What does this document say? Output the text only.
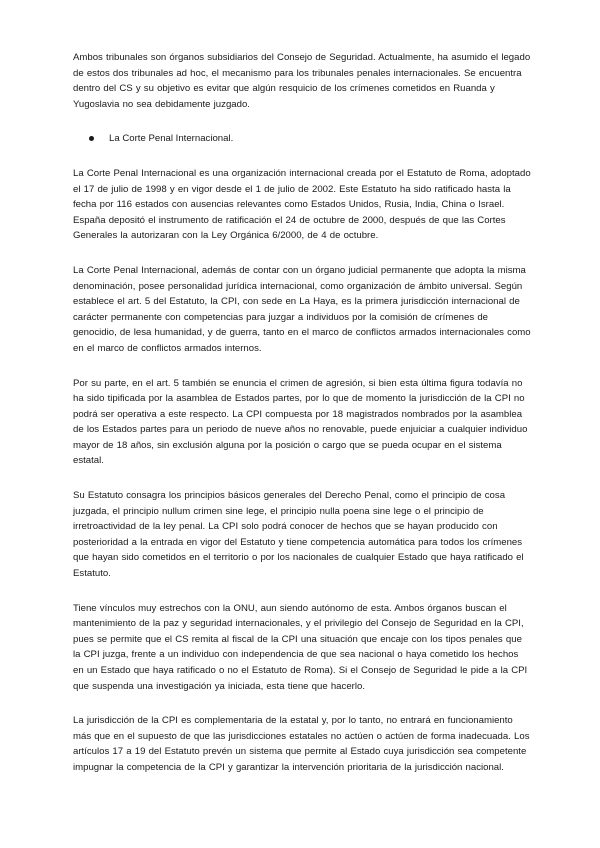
Ambos tribunales son órganos subsidiarios del Consejo de Seguridad. Actualmente, ha asumido el legado de estos dos tribunales ad hoc, el mecanismo para los tribunales penales internacionales. Se encuentra dentro del CS y su objetivo es evitar que algún resquicio de los crímenes cometidos en Ruanda y Yugoslavia no sea debidamente juzgado.

La Corte Penal Internacional.

La Corte Penal Internacional es una organización internacional creada por el Estatuto de Roma, adoptado el 17 de julio de 1998 y en vigor desde el 1 de julio de 2002. Este Estatuto ha sido ratificado hasta la fecha por 116 estados con ausencias relevantes como Estados Unidos, Rusia, India, China o Israel. España depositó el instrumento de ratificación el 24 de octubre de 2000, después de que las Cortes Generales la autorizaran con la Ley Orgánica 6/2000, de 4 de octubre.

La Corte Penal Internacional, además de contar con un órgano judicial permanente que adopta la misma denominación, posee personalidad jurídica internacional, como organización de ámbito universal. Según establece el art. 5 del Estatuto, la CPI, con sede en La Haya, es la primera jurisdicción internacional de carácter permanente con competencias para juzgar a individuos por la comisión de crímenes de genocidio, de lesa humanidad, y de guerra, tanto en el marco de conflictos armados internacionales como en el marco de conflictos armados internos.

Por su parte, en el art. 5 también se enuncia el crimen de agresión, si bien esta última figura todavía no ha sido tipificada por la asamblea de Estados partes, por lo que de momento la jurisdicción de la CPI no podrá ser operativa a este respecto. La CPI compuesta por 18 magistrados nombrados por la asamblea de los Estados partes para un periodo de nueve años no renovable, puede enjuiciar a cualquier individuo mayor de 18 años, sin exclusión alguna por la posición o cargo que se pueda ocupar en el sistema estatal.

Su Estatuto consagra los principios básicos generales del Derecho Penal, como el principio de cosa juzgada, el principio nullum crimen sine lege, el principio nulla poena sine lege o el principio de irretroactividad de la ley penal. La CPI solo podrá conocer de hechos que se hayan producido con posterioridad a la entrada en vigor del Estatuto y tiene competencia automática para todos los crímenes que hayan sido cometidos en el territorio o por los nacionales de cualquier Estado que haya ratificado el Estatuto.

Tiene vínculos muy estrechos con la ONU, aun siendo autónomo de esta. Ambos órganos buscan el mantenimiento de la paz y seguridad internacionales, y el privilegio del Consejo de Seguridad en la CPI, pues se permite que el CS remita al fiscal de la CPI una situación que encaje con los tipos penales que la CPI juzga, frente a un individuo con independencia de que sea nacional o haya cometido los hechos en un Estado que haya ratificado o no el Estatuto de Roma). Si el Consejo de Seguridad le pide a la CPI que suspenda una investigación ya iniciada, esta tiene que hacerlo.

La jurisdicción de la CPI es complementaria de la estatal y, por lo tanto, no entrará en funcionamiento más que en el supuesto de que las jurisdicciones estatales no actúen o actúen de forma inadecuada. Los artículos 17 a 19 del Estatuto prevén un sistema que permite al Estado cuya jurisdicción sea competente impugnar la competencia de la CPI y garantizar la intervención prioritaria de la jurisdicción nacional.
